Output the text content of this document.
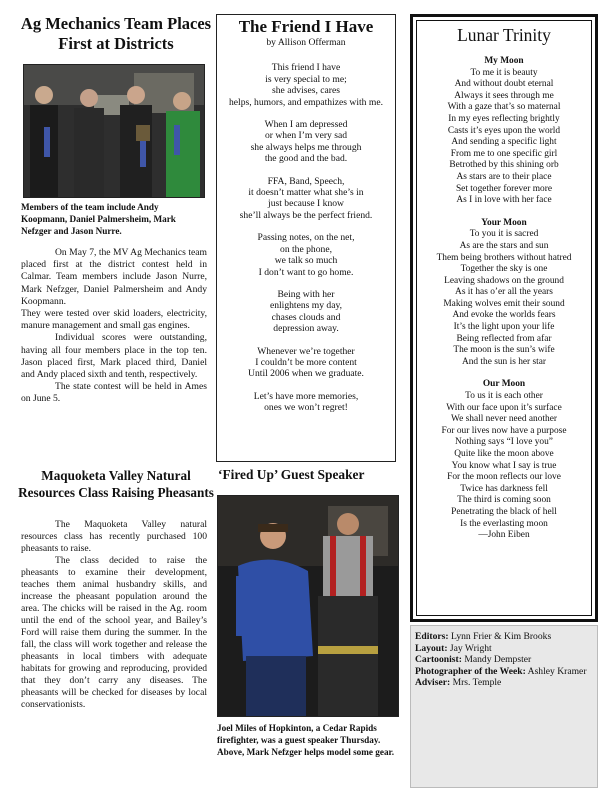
Ag Mechanics Team Places First at Districts

Members of the team include Andy Koopmann, Daniel Palmersheim, Mark Nefzger and Jason Nurre.

On May 7, the MV Ag Mechanics team placed first at the district contest held in Calmar. Team members include Jason Nurre, Mark Nefzger, Daniel Palmersheim and Andy Koopmann.

They were tested over skid loaders, electricity, manure management and small gas engines.

Individual scores were outstanding, having all four members place in the top ten. Jason placed first, Mark placed third, Daniel and Andy placed sixth and tenth, respectively.

The state contest will be held in Ames on June 5.

Maquoketa Valley Natural Resources Class Raising Pheasants

The Maquoketa Valley natural resources class has recently purchased 100 pheasants to raise.

The class decided to raise the pheasants to examine their development, teaches them animal husbandry skills, and increase the pheasant population around the area. The chicks will be raised in the Ag. room until the end of the school year, and Bailey’s Ford will raise them during the summer. In the fall, the class will work together and release the pheasants in local timbers with adequate habitats for growing and reproducing, provided that they don’t carry any diseases. The pheasants will be checked for diseases by local conservationists.

The Friend I Have
by Allison Offerman
This friend I have
is very special to me;
she advises, cares
helps, humors, and empathizes with me.
When I am depressed
or when I’m very sad
she always helps me through
the good and the bad.
FFA, Band, Speech,
it doesn’t matter what she’s in
just because I know
she’ll always be the perfect friend.
Passing notes, on the net,
on the phone,
we talk so much
I don’t want to go home.
Being with her
enlightens my day,
chases clouds and
depression away.
Whenever we’re together
I couldn’t be more content
Until 2006 when we graduate.
Let’s have more memories,
ones we won’t regret!
‘Fired Up’ Guest Speaker

Joel Miles of Hopkinton, a Cedar Rapids firefighter, was a guest speaker Thursday. Above, Mark Nefzger helps model some gear.

Lunar Trinity
My Moon
To me it is beauty
And without doubt eternal
Always it sees through me
With a gaze that’s so maternal
In my eyes reflecting brightly
Casts it’s eyes upon the world
And sending a specific light
From me to one specific girl
Betrothed by this shining orb
As stars are to their place
Set together forever more
As I in love with her face
Your Moon
To you it is sacred
As are the stars and sun
Them being brothers without hatred
Together the sky is one
Leaving shadows on the ground
As it has o’er all the years
Making wolves emit their sound
And evoke the worlds fears
It’s the light upon your life
Being reflected from afar
The moon is the sun’s wife
And the sun is her star
Our Moon
To us it is each other
With our face upon it’s surface
We shall never need another
For our lives now have a purpose
Nothing says “I love you”
Quite like the moon above
You know what I say is true
For the moon reflects our love
Twice has darkness fell
The third is coming soon
Penetrating the black of hell
Is the everlasting moon
—John Eiben
Editors: Lynn Frier & Kim Brooks
Layout: Jay Wright
Cartoonist: Mandy Dempster
Photographer of the Week: Ashley Kramer
Adviser: Mrs. Temple
